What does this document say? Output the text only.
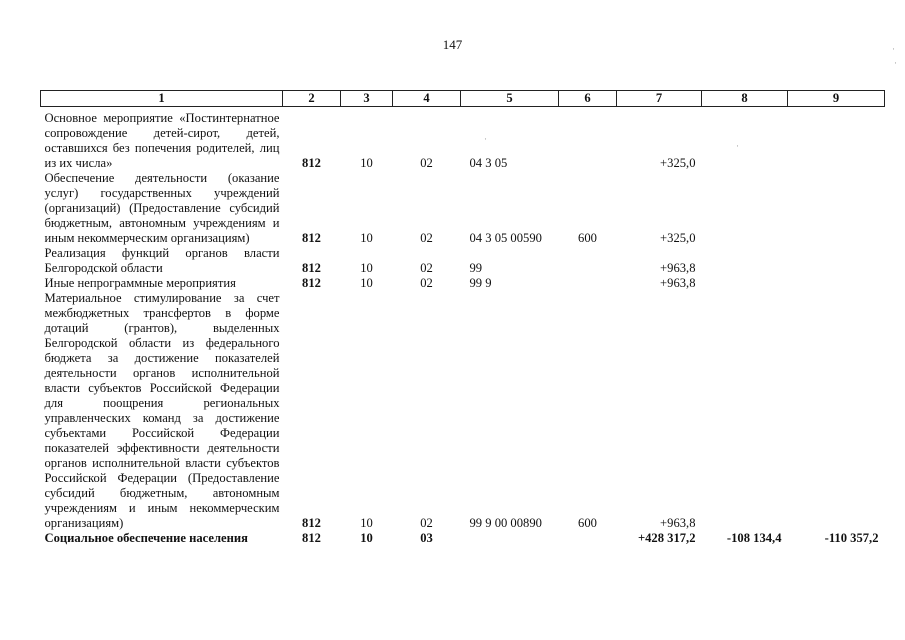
147	·
·
·
·
1	2	3	4	5	6	7	8	9

Основное мероприятие «Постинтернатное сопровождение детей-сирот, детей, оставшихся без попечения родителей, лиц из их числа»	812	10	02	04 3 05		+325,0		
Обеспечение деятельности (оказание услуг) государственных учреждений (организаций) (Предоставление субсидий бюджетным, автономным учреждениям и иным некоммерческим организациям)	812	10	02	04 3 05 00590	600	+325,0		
Реализация функций органов власти Белгородской области	812	10	02	99		+963,8		
Иные непрограммные мероприятия	812	10	02	99 9		+963,8		
Материальное стимулирование за счет межбюджетных трансфертов в форме дотаций (грантов), выделенных Белгородской области из федерального бюджета за достижение показателей деятельности органов исполнительной власти субъектов Российской Федерации для поощрения региональных управленческих команд за достижение субъектами Российской Федерации показателей эффективности деятельности органов исполнительной власти субъектов Российской Федерации (Предоставление субсидий бюджетным, автономным учреждениям и иным некоммерческим организациям)	812	10	02	99 9 00 00890	600	+963,8		
Социальное обеспечение населения	812	10	03			+428 317,2	-108 134,4	-110 357,2
